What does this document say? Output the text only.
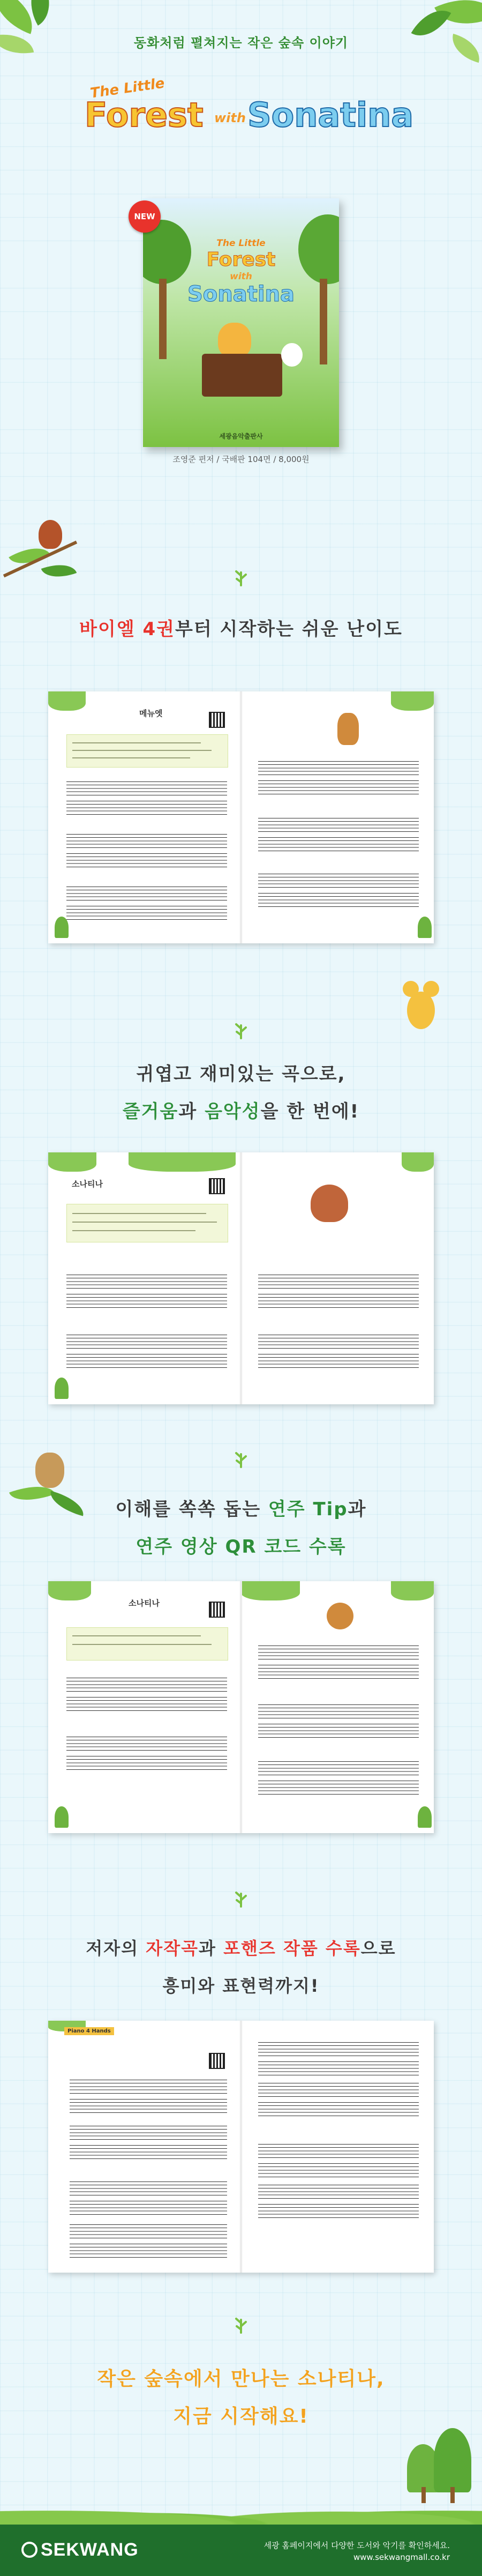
동화처럼 펼쳐지는 작은 숲속 이야기
The Little
Forest with Sonatina
The Little
Forest
with
Sonatina
세광음악출판사
NEW
조영준 편저 / 국배판 104면 / 8,000원
바이엘 4권부터 시작하는 쉬운 난이도
메뉴엣
귀엽고 재미있는 곡으로,
즐거움과 음악성을 한 번에!
소나티나
이해를 쏙쏙 돕는 연주 Tip과
연주 영상 QR 코드 수록
소나티나
저자의 자작곡과 포핸즈 작품 수록으로
흥미와 표현력까지!
Piano 4 Hands
작은 숲속에서 만나는 소나티나,
지금 시작해요!
SEKWANG	세광 홈페이지에서 다양한 도서와 악기를 확인하세요.
www.sekwangmall.co.kr
